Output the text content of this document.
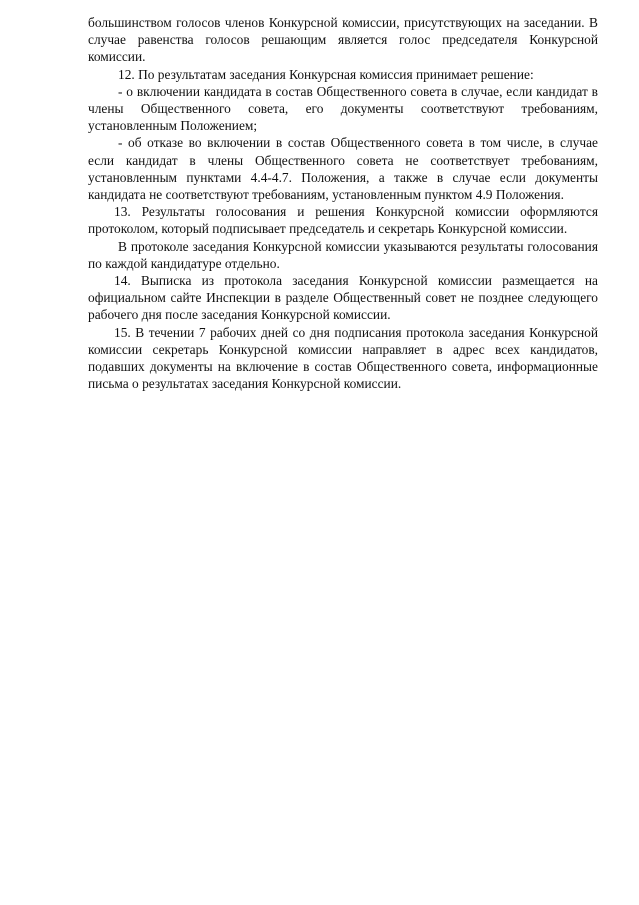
большинством голосов членов Конкурсной комиссии, присутствующих на заседании. В случае равенства голосов решающим является голос председателя Конкурсной комиссии.

12. По результатам заседания Конкурсная комиссия принимает решение:

- о включении кандидата в состав Общественного совета в случае, если кандидат в члены Общественного совета, его документы соответствуют требованиям, установленным Положением;

- об отказе во включении в состав Общественного совета в том числе, в случае если кандидат в члены Общественного совета не соответствует требованиям, установленным пунктами 4.4-4.7. Положения, а также в случае если документы кандидата не соответствуют требованиям, установленным пунктом 4.9 Положения.

13. Результаты голосования и решения Конкурсной комиссии оформляются протоколом, который подписывает председатель и секретарь Конкурсной комиссии.

В протоколе заседания Конкурсной комиссии указываются результаты голосования по каждой кандидатуре отдельно.

14. Выписка из протокола заседания Конкурсной комиссии размещается на официальном сайте Инспекции в разделе Общественный совет не позднее следующего рабочего дня после заседания Конкурсной комиссии.

15. В течении 7 рабочих дней со дня подписания протокола заседания Конкурсной комиссии секретарь Конкурсной комиссии направляет в адрес всех кандидатов, подавших документы на включение в состав Общественного совета, информационные письма о результатах заседания Конкурсной комиссии.
